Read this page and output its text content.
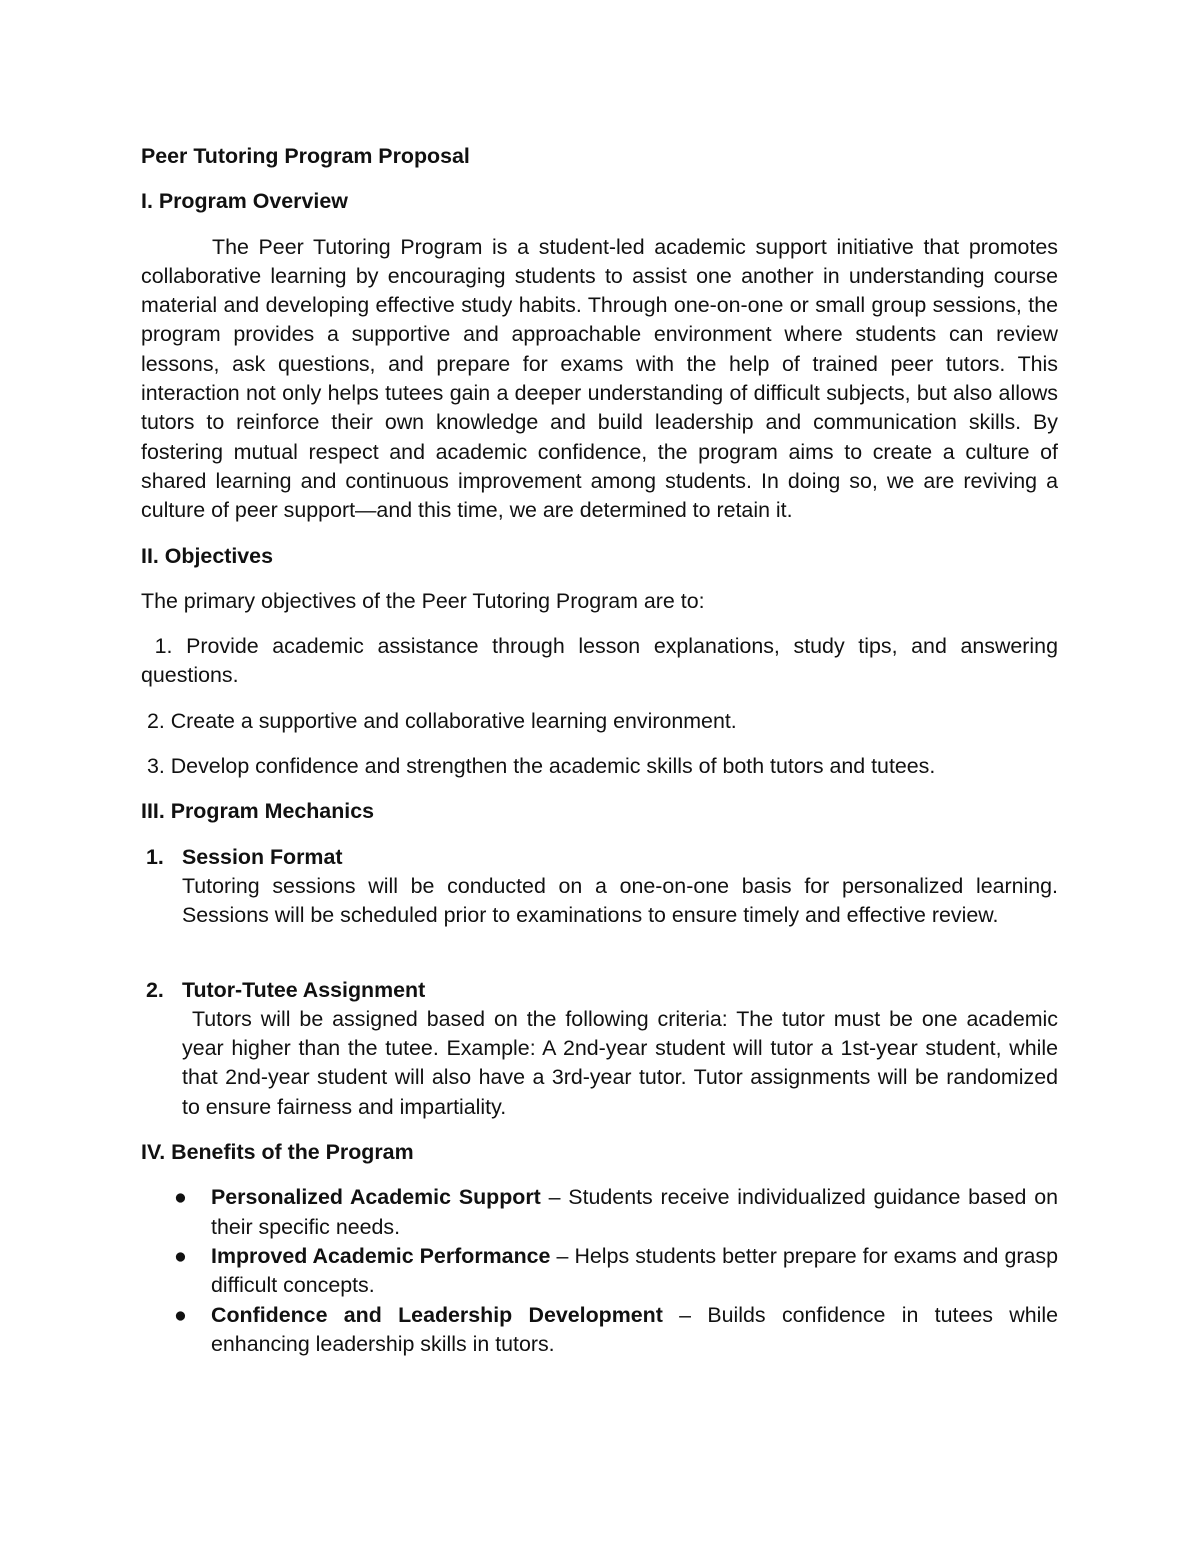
Peer Tutoring Program Proposal

I. Program Overview

The Peer Tutoring Program is a student-led academic support initiative that promotes collaborative learning by encouraging students to assist one another in understanding course material and developing effective study habits. Through one-on-one or small group sessions, the program provides a supportive and approachable environment where students can review lessons, ask questions, and prepare for exams with the help of trained peer tutors. This interaction not only helps tutees gain a deeper understanding of difficult subjects, but also allows tutors to reinforce their own knowledge and build leadership and communication skills. By fostering mutual respect and academic confidence, the program aims to create a culture of shared learning and continuous improvement among students. In doing so, we are reviving a culture of peer support—and this time, we are determined to retain it.

II. Objectives

The primary objectives of the Peer Tutoring Program are to:

1. Provide academic assistance through lesson explanations, study tips, and answering questions.

2. Create a supportive and collaborative learning environment.

3. Develop confidence and strengthen the academic skills of both tutors and tutees.

III. Program Mechanics

1. Session Format
Tutoring sessions will be conducted on a one-on-one basis for personalized learning. Sessions will be scheduled prior to examinations to ensure timely and effective review.
2. Tutor-Tutee Assignment
Tutors will be assigned based on the following criteria: The tutor must be one academic year higher than the tutee. Example: A 2nd-year student will tutor a 1st-year student, while that 2nd-year student will also have a 3rd-year tutor. Tutor assignments will be randomized to ensure fairness and impartiality.

IV. Benefits of the Program

● Personalized Academic Support – Students receive individualized guidance based on their specific needs.
● Improved Academic Performance – Helps students better prepare for exams and grasp difficult concepts.
● Confidence and Leadership Development – Builds confidence in tutees while enhancing leadership skills in tutors.
